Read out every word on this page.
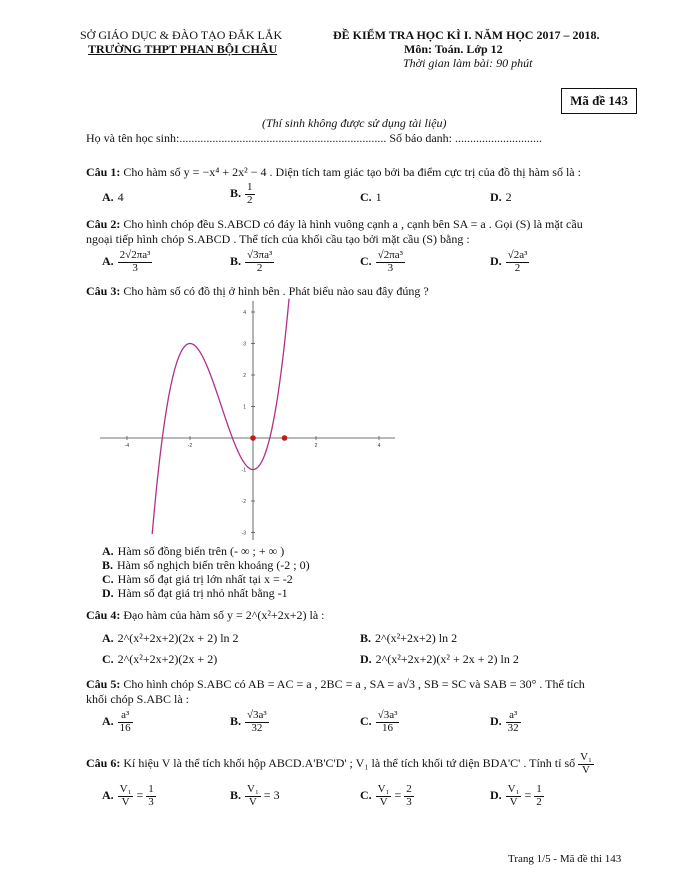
SỞ GIÁO DỤC & ĐÀO TẠO ĐẮK LẮK
TRƯỜNG THPT PHAN BỘI CHÂU
ĐỀ KIỂM TRA HỌC KÌ I. NĂM HỌC 2017 – 2018.
Môn: Toán. Lớp 12
Thời gian làm bài: 90 phút
Mã đề 143
(Thí sinh không được sử dụng tài liệu)
Họ và tên học sinh:..................................................................... Số báo danh: .............................
Câu 1: Cho hàm số y = −x⁴ + 2x² − 4 . Diện tích tam giác tạo bởi ba điểm cực trị của đồ thị hàm số là :
A. 4	B. $\frac{1}{2}$	C. 1	D. 2
Câu 2: Cho hình chóp đều S.ABCD có đáy là hình vuông cạnh a , cạnh bên SA = a . Gọi (S) là mặt cầu
ngoại tiếp hình chóp S.ABCD . Thể tích của khối cầu tạo bởi mặt cầu (S) bằng :
A. $\frac{\text{2√2πa³}}{3}$	B. $\frac{\text{√3πa³}}{2}$	C. $\frac{\text{√2πa³}}{3}$	D. $\frac{\text{√2a³}}{2}$
Câu 3: Cho hàm số có đồ thị ở hình bên . Phát biểu nào sau đây đúng ?
-4	-2	2	4
4
3
2
1
-1
-2
-3
A. Hàm số đồng biến trên (- ∞ ; + ∞ )
B. Hàm số nghịch biến trên khoảng (-2 ; 0)
C. Hàm số đạt giá trị lớn nhất tại x = -2
D. Hàm số đạt giá trị nhỏ nhất bằng -1
Câu 4: Đạo hàm của hàm số y = 2^(x²+2x+2) là :
A. 2^(x²+2x+2)(2x + 2) ln 2	B. 2^(x²+2x+2) ln 2
C. 2^(x²+2x+2)(2x + 2)	D. 2^(x²+2x+2)(x² + 2x + 2) ln 2
Câu 5: Cho hình chóp S.ABC có AB = AC = a , 2BC = a , SA = a√3 , SB = SC và SAB = 30° . Thể tích
khối chóp S.ABC là :
A. $\frac{\text{a³}}{16}$	B. $\frac{\text{√3a³}}{32}$	C. $\frac{\text{√3a³}}{16}$	D. $\frac{\text{a³}}{32}$
Câu 6: Kí hiệu V là thể tích khối hộp ABCD.A'B'C'D' ; V₁ là thể tích khối tứ diện BDA'C' . Tính tỉ số $\frac{\text{V₁}}{V}$
A. $\frac{\text{V₁}}{V} = \frac{1}{3}$	B. $\frac{\text{V₁}}{V} = 3$	C. $\frac{\text{V₁}}{V} = \frac{2}{3}$	D. $\frac{\text{V₁}}{V} = \frac{1}{2}$
Trang 1/5 - Mã đề thi 143
